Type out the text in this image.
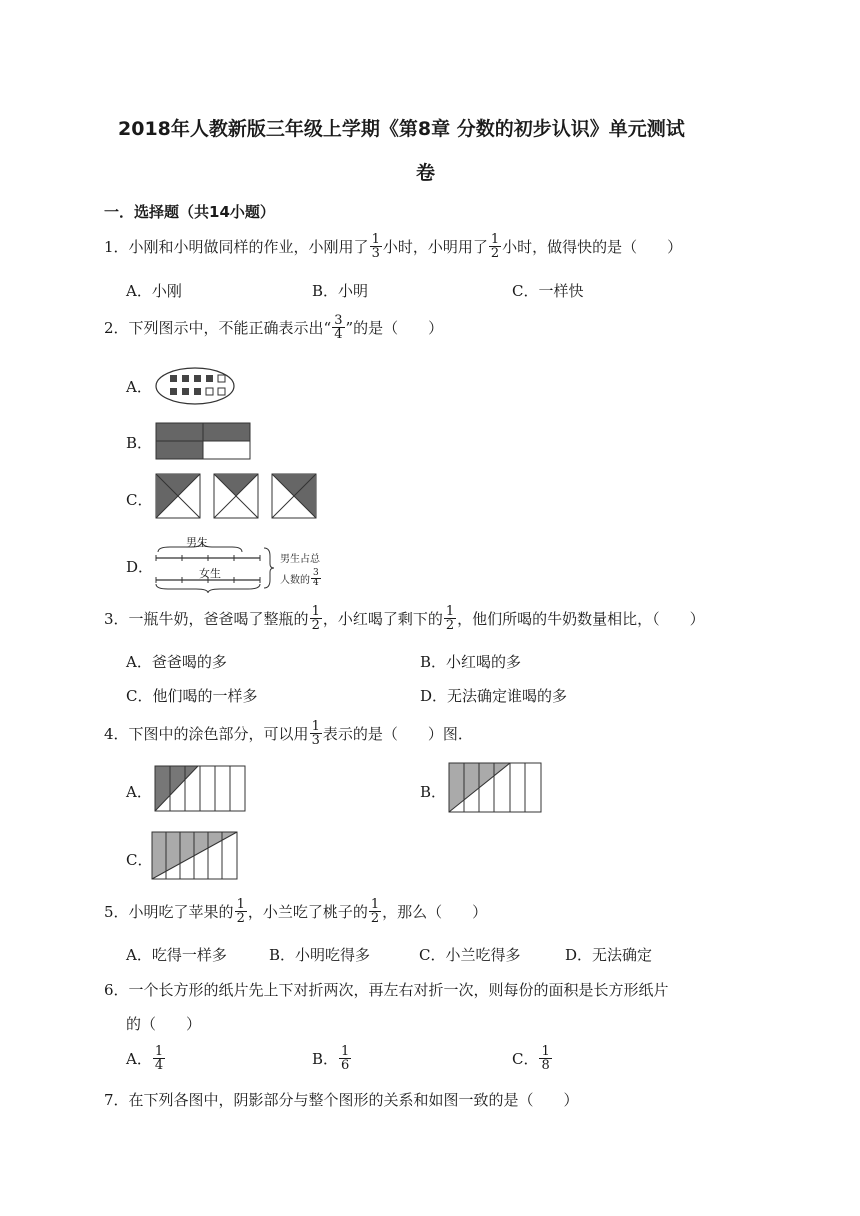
2018年人教新版三年级上学期《第8章 分数的初步认识》单元测试
卷
一．选择题（共14小题）
1． 小刚和小明做同样的作业，小刚用了 $\frac{1}{3}$ 小时，小明用了 $\frac{1}{2}$ 小时，做得快的是（　　）
A．小刚	B．小明	C．一样快
2． 下列图示中，不能正确表示出“ $\frac{3}{4}$ ”的是（　　）
A．
B．
C．
D．
男生
女生
男生占总
人数的 $\frac{3}{4}$
3． 一瓶牛奶，爸爸喝了整瓶的 $\frac{1}{2}$ ，小红喝了剩下的 $\frac{1}{2}$ ，他们所喝的牛奶数量相比，（　　）
A．爸爸喝的多	B．小红喝的多
C．他们喝的一样多	D．无法确定谁喝的多
4． 下图中的涂色部分，可以用 $\frac{1}{3}$ 表示的是（　　）图．
A．	B．
C．
5． 小明吃了苹果的 $\frac{1}{2}$ ，小兰吃了桃子的 $\frac{1}{2}$ ，那么（　　）
A．吃得一样多	B．小明吃得多	C．小兰吃得多	D．无法确定
6．一个长方形的纸片先上下对折两次，再左右对折一次，则每份的面积是长方形纸片
的（　　）
A． $\frac{1}{4}$	B． $\frac{1}{6}$	C． $\frac{1}{8}$
7．在下列各图中，阴影部分与整个图形的关系和如图一致的是（　　）
